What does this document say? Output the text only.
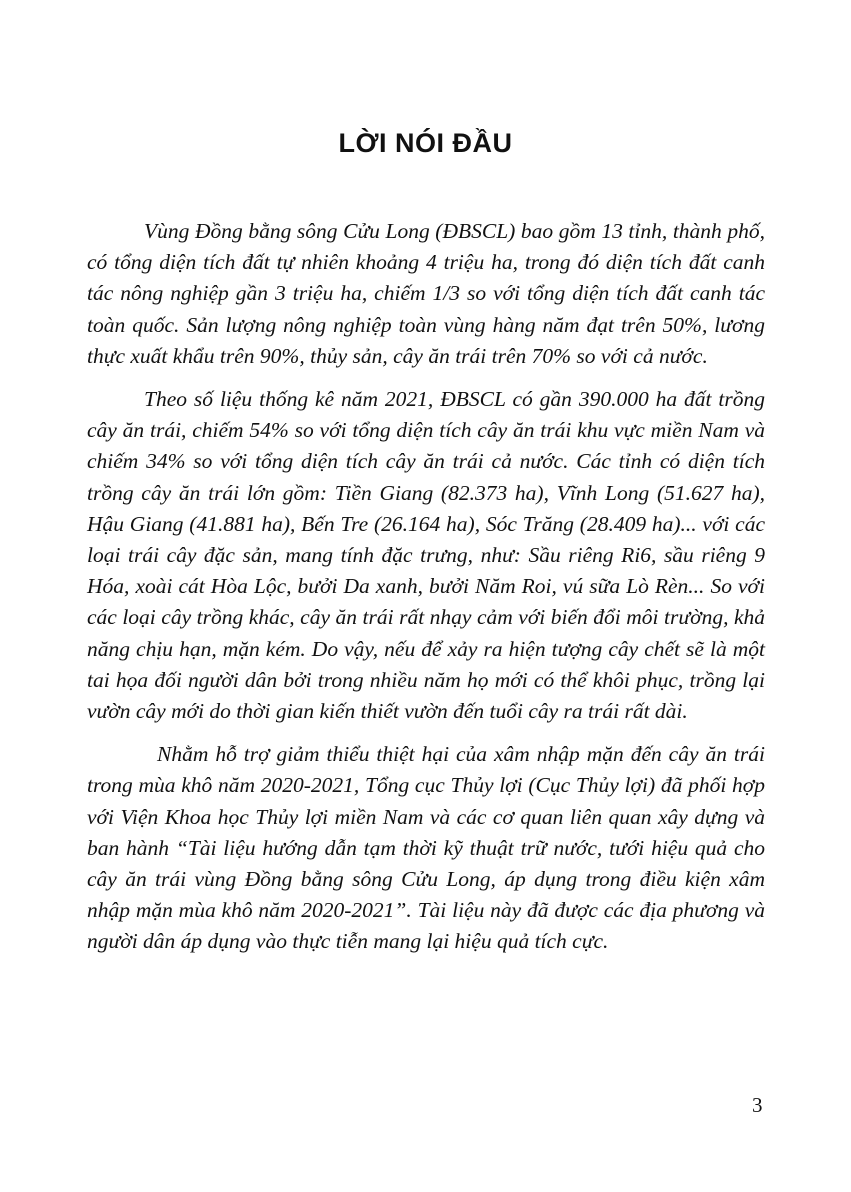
LỜI NÓI ĐẦU

Vùng Đồng bằng sông Cửu Long (ĐBSCL) bao gồm 13 tỉnh, thành phố, có tổng diện tích đất tự nhiên khoảng 4 triệu ha, trong đó diện tích đất canh tác nông nghiệp gần 3 triệu ha, chiếm 1/3 so với tổng diện tích đất canh tác toàn quốc. Sản lượng nông nghiệp toàn vùng hàng năm đạt trên 50%, lương thực xuất khẩu trên 90%, thủy sản, cây ăn trái trên 70% so với cả nước.

Theo số liệu thống kê năm 2021, ĐBSCL có gần 390.000 ha đất trồng cây ăn trái, chiếm 54% so với tổng diện tích cây ăn trái khu vực miền Nam và chiếm 34% so với tổng diện tích cây ăn trái cả nước. Các tỉnh có diện tích trồng cây ăn trái lớn gồm: Tiền Giang (82.373 ha), Vĩnh Long (51.627 ha), Hậu Giang (41.881 ha), Bến Tre (26.164 ha), Sóc Trăng (28.409 ha)... với các loại trái cây đặc sản, mang tính đặc trưng, như: Sầu riêng Ri6, sầu riêng 9 Hóa, xoài cát Hòa Lộc, bưởi Da xanh, bưởi Năm Roi, vú sữa Lò Rèn... So với các loại cây trồng khác, cây ăn trái rất nhạy cảm với biến đổi môi trường, khả năng chịu hạn, mặn kém. Do vậy, nếu để xảy ra hiện tượng cây chết sẽ là một tai họa đối người dân bởi trong nhiều năm họ mới có thể khôi phục, trồng lại vườn cây mới do thời gian kiến thiết vườn đến tuổi cây ra trái rất dài.

Nhằm hỗ trợ giảm thiểu thiệt hại của xâm nhập mặn đến cây ăn trái trong mùa khô năm 2020-2021, Tổng cục Thủy lợi (Cục Thủy lợi) đã phối hợp với Viện Khoa học Thủy lợi miền Nam và các cơ quan liên quan xây dựng và ban hành “Tài liệu hướng dẫn tạm thời kỹ thuật trữ nước, tưới hiệu quả cho cây ăn trái vùng Đồng bằng sông Cửu Long, áp dụng trong điều kiện xâm nhập mặn mùa khô năm 2020-2021”. Tài liệu này đã được các địa phương và người dân áp dụng vào thực tiễn mang lại hiệu quả tích cực.

3
